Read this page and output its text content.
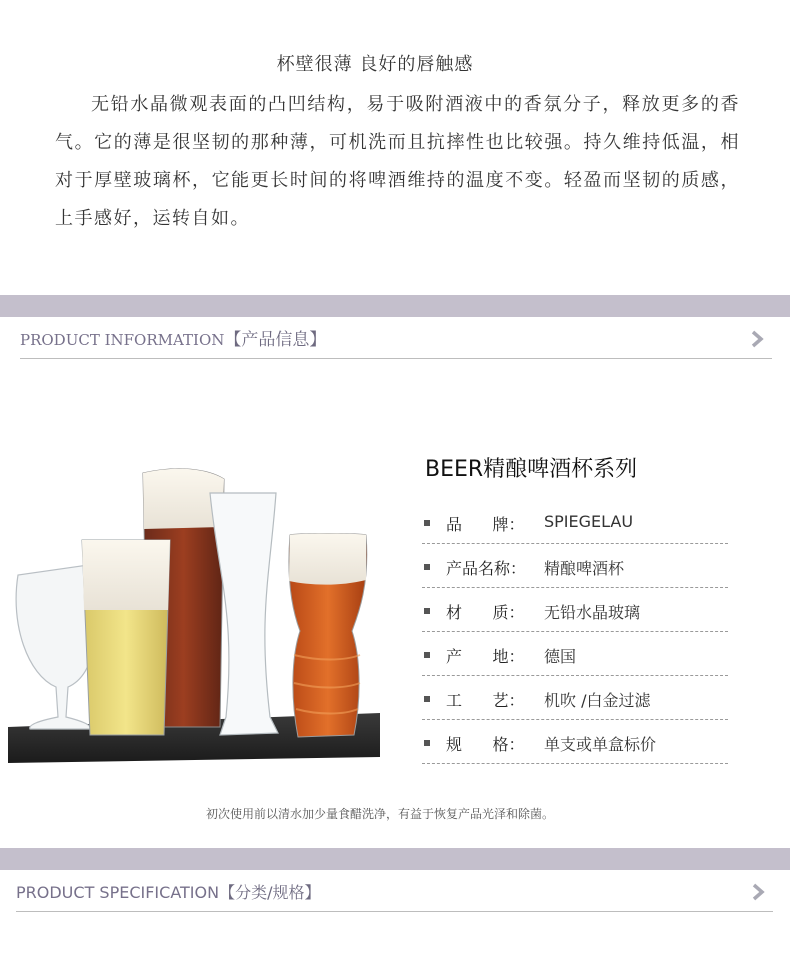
杯壁很薄 良好的唇触感
无铅水晶微观表面的凸凹结构，易于吸附酒液中的香氛分子，释放更多的香气。它的薄是很坚韧的那种薄，可机洗而且抗摔性也比较强。持久维持低温，相对于厚壁玻璃杯，它能更长时间的将啤酒维持的温度不变。轻盈而坚韧的质感，上手感好，运转自如。
PRODUCT INFORMATION【产品信息】
BEER精酿啤酒杯系列
品      牌： SPIEGELAU
产品名称： 精酿啤酒杯
材      质： 无铅水晶玻璃
产      地： 德国
工      艺： 机吹 /白金过滤
规      格： 单支或单盒标价
初次使用前以清水加少量食醋洗净，有益于恢复产品光泽和除菌。
PRODUCT SPECIFICATION【分类/规格】
